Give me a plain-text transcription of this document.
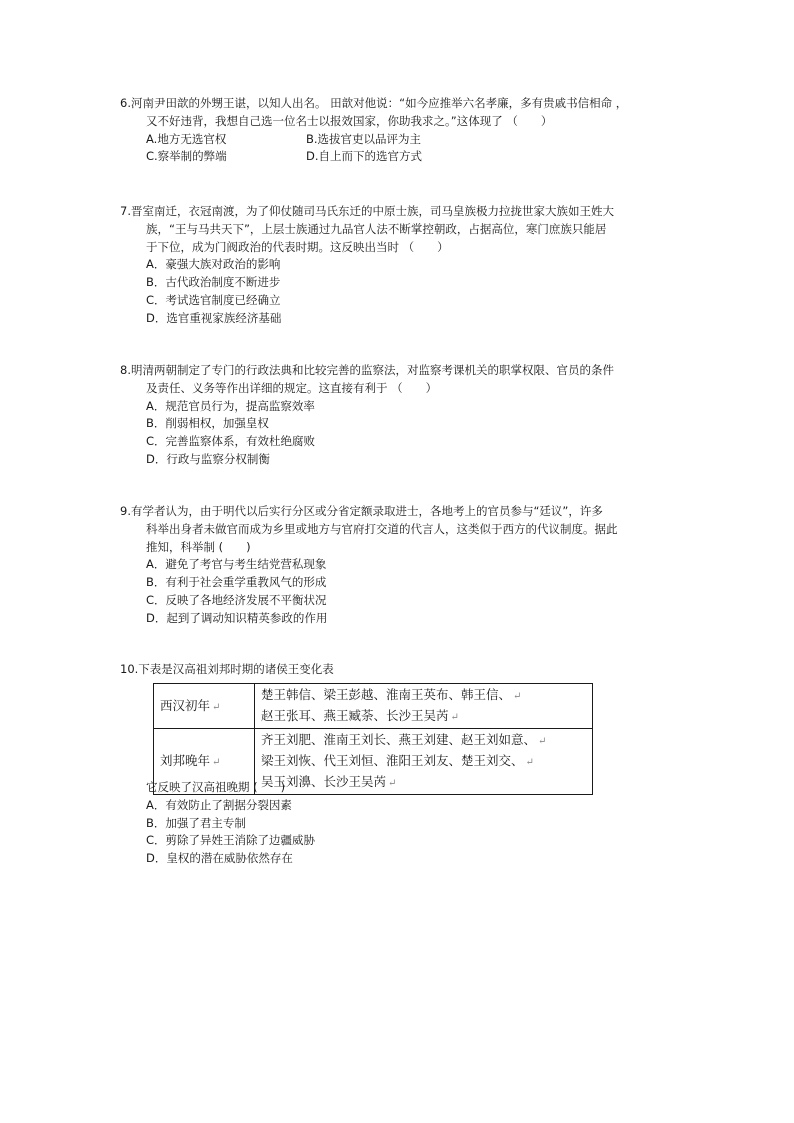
6.河南尹田歆的外甥王谌，以知人出名。 田歆对他说：“如今应推举六名孝廉，多有贵戚书信相命 ，
又不好违背，我想自己选一位名士以报效国家，你助我求之。”这体现了 （　　）
A.地方无选官权	B.选拔官吏以品评为主
C.察举制的弊端	D.自上而下的选官方式
7.晋室南迁，衣冠南渡，为了仰仗随司马氏东迁的中原士族，司马皇族极力拉拢世家大族如王姓大
族，“王与马共天下”，上层士族通过九品官人法不断掌控朝政，占据高位，寒门庶族只能居
于下位，成为门阀政治的代表时期。这反映出当时 （　　）
A．豪强大族对政治的影响
B．古代政治制度不断进步
C．考试选官制度已经确立
D．选官重视家族经济基础
8.明清两朝制定了专门的行政法典和比较完善的监察法，对监察考课机关的职掌权限、官员的条件
及责任、义务等作出详细的规定。这直接有利于 （　　）
A．规范官员行为，提高监察效率
B．削弱相权，加强皇权
C．完善监察体系，有效杜绝腐败
D．行政与监察分权制衡
9.有学者认为，由于明代以后实行分区或分省定额录取进士，各地考上的官员参与“廷议”，许多
科举出身者未做官而成为乡里或地方与官府打交道的代言人，这类似于西方的代议制度。据此
推知，科举制 (　　)
A．避免了考官与考生结党营私现象
B．有利于社会重学重教风气的形成
C．反映了各地经济发展不平衡状况
D．起到了调动知识精英参政的作用
10.下表是汉高祖刘邦时期的诸侯王变化表
西汉初年 ↵	楚王韩信、梁王彭越、淮南王英布、韩王信、 ↵
赵王张耳、燕王臧荼、长沙王吴芮 ↵

刘邦晚年 ↵	齐王刘肥、淮南王刘长、燕王刘建、赵王刘如意、 ↵
梁王刘恢、代王刘恒、淮阳王刘友、楚王刘交、 ↵
吴王刘濞、长沙王吴芮 ↵
它反映了汉高祖晚期 (　　)
A．有效防止了割据分裂因素
B．加强了君主专制
C．剪除了异姓王消除了边疆威胁
D．皇权的潜在威胁依然存在
